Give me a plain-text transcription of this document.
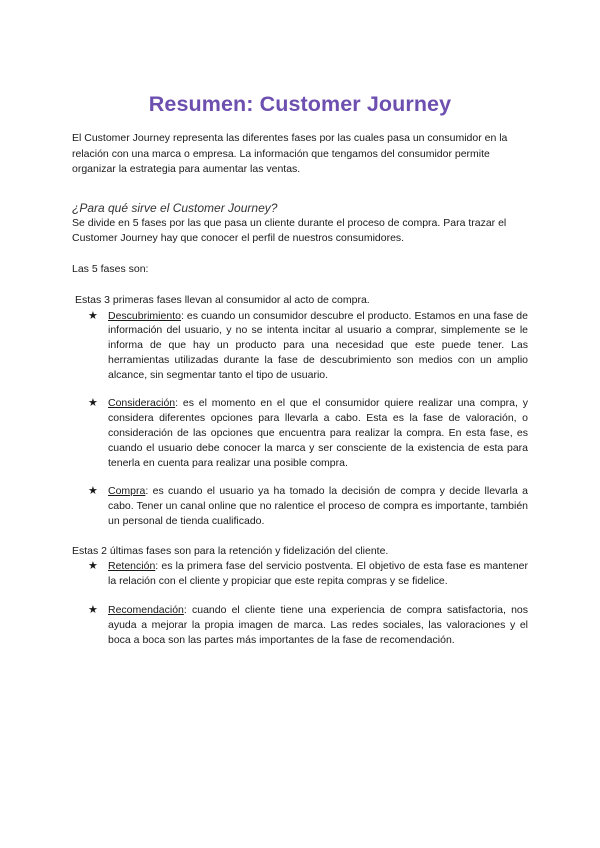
Resumen: Customer Journey

El Customer Journey representa las diferentes fases por las cuales pasa un consumidor en la relación con una marca o empresa. La información que tengamos del consumidor permite organizar la estrategia para aumentar las ventas.

¿Para qué sirve el Customer Journey?

Se divide en 5 fases por las que pasa un cliente durante el proceso de compra. Para trazar el Customer Journey hay que conocer el perfil de nuestros consumidores.

Las 5 fases son:

Estas 3 primeras fases llevan al consumidor al acto de compra.

★ Descubrimiento: es cuando un consumidor descubre el producto. Estamos en una fase de información del usuario, y no se intenta incitar al usuario a comprar, simplemente se le informa de que hay un producto para una necesidad que este puede tener. Las herramientas utilizadas durante la fase de descubrimiento son medios con un amplio alcance, sin segmentar tanto el tipo de usuario.
★ Consideración: es el momento en el que el consumidor quiere realizar una compra, y considera diferentes opciones para llevarla a cabo. Esta es la fase de valoración, o consideración de las opciones que encuentra para realizar la compra. En esta fase, es cuando el usuario debe conocer la marca y ser consciente de la existencia de esta para tenerla en cuenta para realizar una posible compra.
★ Compra: es cuando el usuario ya ha tomado la decisión de compra y decide llevarla a cabo. Tener un canal online que no ralentice el proceso de compra es importante, también un personal de tienda cualificado.

Estas 2 últimas fases son para la retención y fidelización del cliente.

★ Retención: es la primera fase del servicio postventa. El objetivo de esta fase es mantener la relación con el cliente y propiciar que este repita compras y se fidelice.
★ Recomendación: cuando el cliente tiene una experiencia de compra satisfactoria, nos ayuda a mejorar la propia imagen de marca. Las redes sociales, las valoraciones y el boca a boca son las partes más importantes de la fase de recomendación.
